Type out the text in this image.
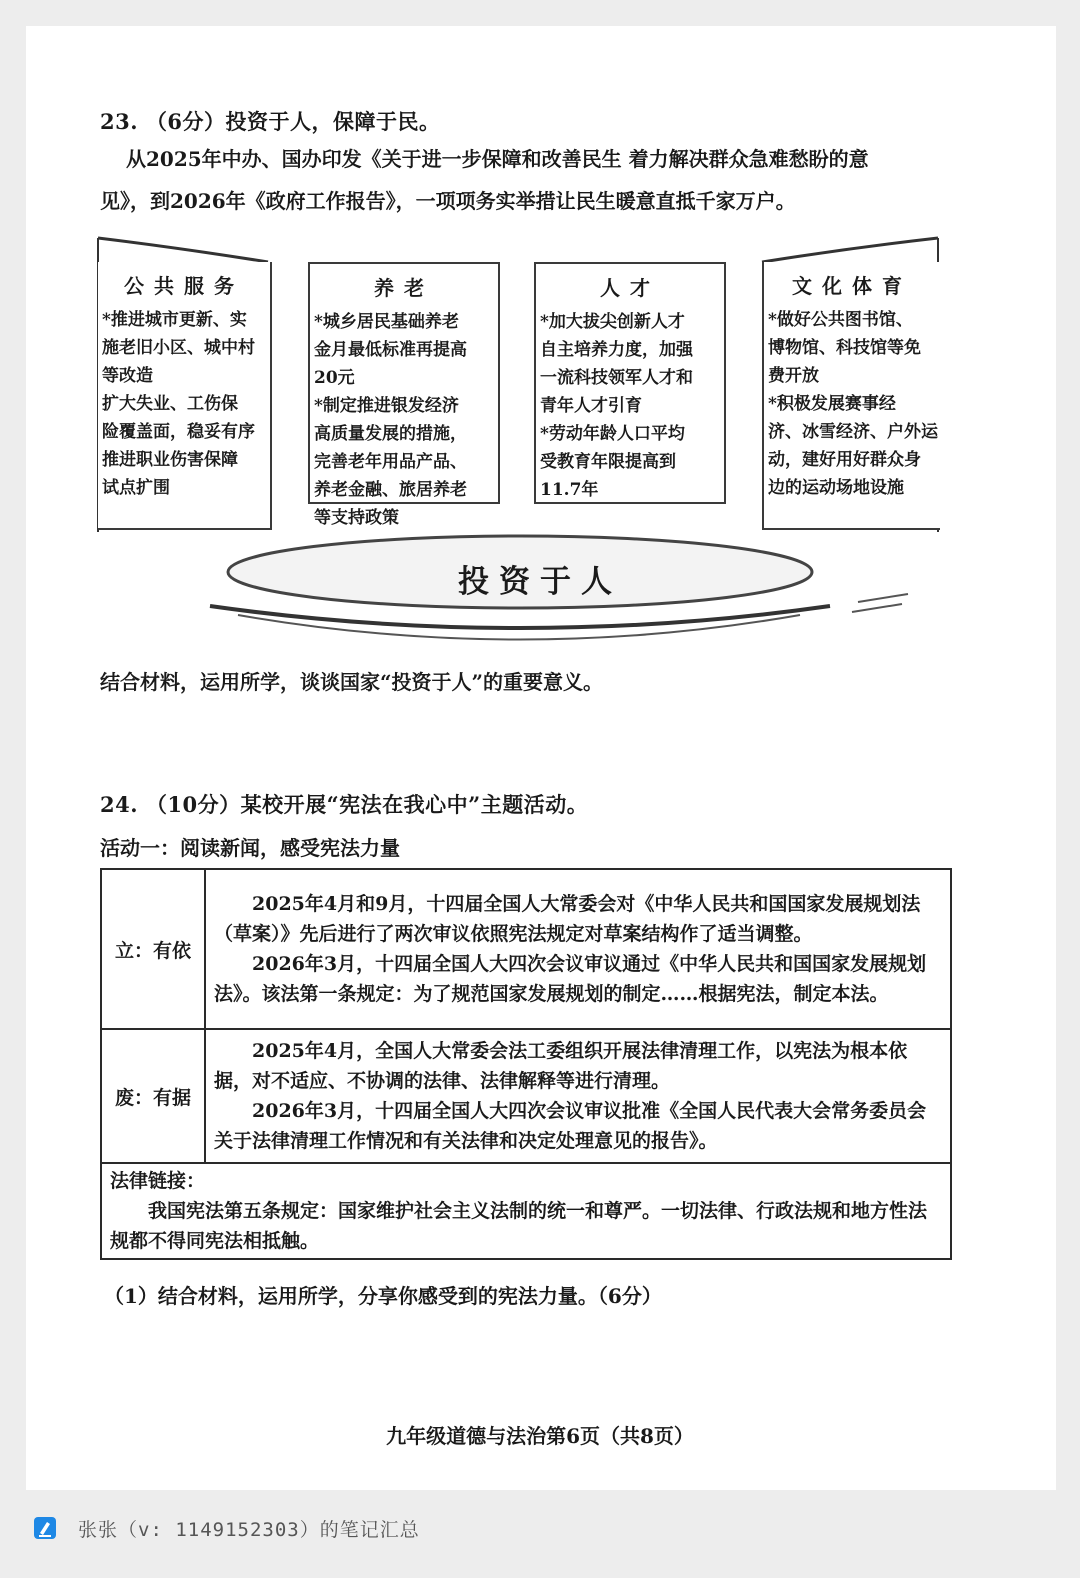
23. （6分）投资于人，保障于民。
从2025年中办、国办印发《关于进一步保障和改善民生 着力解决群众急难愁盼的意
见》，到2026年《政府工作报告》，一项项务实举措让民生暖意直抵千家万户。
公共服务
*推进城市更新、实
施老旧小区、城中村
等改造
扩大失业、工伤保
险覆盖面，稳妥有序
推进职业伤害保障
试点扩围
养老
*城乡居民基础养老
金月最低标准再提高
20元
*制定推进银发经济
高质量发展的措施，
完善老年用品产品、
养老金融、旅居养老
等支持政策
人才
*加大拔尖创新人才
自主培养力度，加强
一流科技领军人才和
青年人才引育
*劳动年龄人口平均
受教育年限提高到
11.7年
文化体育
*做好公共图书馆、
博物馆、科技馆等免
费开放
*积极发展赛事经
济、冰雪经济、户外运
动，建好用好群众身
边的运动场地设施
投资于人
结合材料，运用所学，谈谈国家“投资于人”的重要意义。
24. （10分）某校开展“宪法在我心中”主题活动。
活动一：阅读新闻，感受宪法力量
立：有依	2025年4月和9月，十四届全国人大常委会对《中华人民共和国国家发展规划法（草案）》先后进行了两次审议依照宪法规定对草案结构作了适当调整。

2026年3月，十四届全国人大四次会议审议通过《中华人民共和国国家发展规划法》。该法第一条规定：为了规范国家发展规划的制定……根据宪法，制定本法。

废：有据	2025年4月，全国人大常委会法工委组织开展法律清理工作，以宪法为根本依据，对不适应、不协调的法律、法律解释等进行清理。

2026年3月，十四届全国人大四次会议审议批准《全国人民代表大会常务委员会关于法律清理工作情况和有关法律和决定处理意见的报告》。

法律链接：

我国宪法第五条规定：国家维护社会主义法制的统一和尊严。一切法律、行政法规和地方性法规都不得同宪法相抵触。	

（1）结合材料，运用所学，分享你感受到的宪法力量。（6分）
九年级道德与法治第6页（共8页）
张张（v: 1149152303）的笔记汇总
